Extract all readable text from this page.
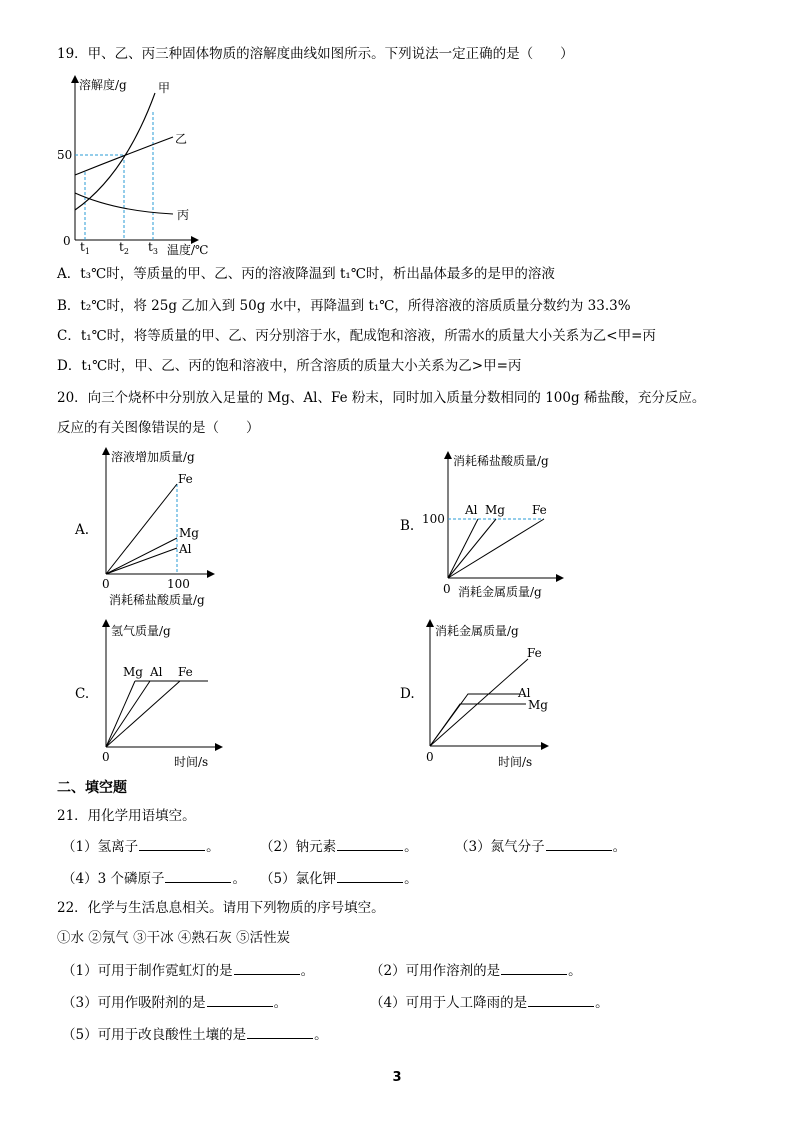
19．甲、乙、丙三种固体物质的溶解度曲线如图所示。下列说法一定正确的是（　　）
溶解度/g
温度/℃
0
50
甲
乙
丙
$t_1$ $t_2$ $t_3$
A．t₃℃时，等质量的甲、乙、丙的溶液降温到 t₁℃时，析出晶体最多的是甲的溶液
B．t₂℃时，将 25g 乙加入到 50g 水中，再降温到 t₁℃，所得溶液的溶质质量分数约为 33.3%
C．t₁℃时，将等质量的甲、乙、丙分别溶于水，配成饱和溶液，所需水的质量大小关系为乙<甲=丙
D．t₁℃时，甲、乙、丙的饱和溶液中，所含溶质的质量大小关系为乙>甲=丙
20．向三个烧杯中分别放入足量的 Mg、Al、Fe 粉末，同时加入质量分数相同的 100g 稀盐酸，充分反应。
反应的有关图像错误的是（　　）
A.
溶液增加质量/g
消耗稀盐酸质量/g
0	100
Fe
Mg
Al
B.
消耗稀盐酸质量/g
消耗金属质量/g
0
100
Al Mg Fe
C.
氢气质量/g
时间/s
0
Mg Al Fe
D.
消耗金属质量/g
时间/s
0
Fe
Al
Mg
二、填空题
21．用化学用语填空。
（1）氢离子	。	（2）钠元素	。	（3）氮气分子	。
（4）3 个磷原子	。 （5）氯化钾	。
22．化学与生活息息相关。请用下列物质的序号填空。
①水 ②氖气 ③干冰 ④熟石灰 ⑤活性炭
（1）可用于制作霓虹灯的是	。	（2）可用作溶剂的是	。
（3）可用作吸附剂的是	。	（4）可用于人工降雨的是	。
（5）可用于改良酸性土壤的是	。
3
